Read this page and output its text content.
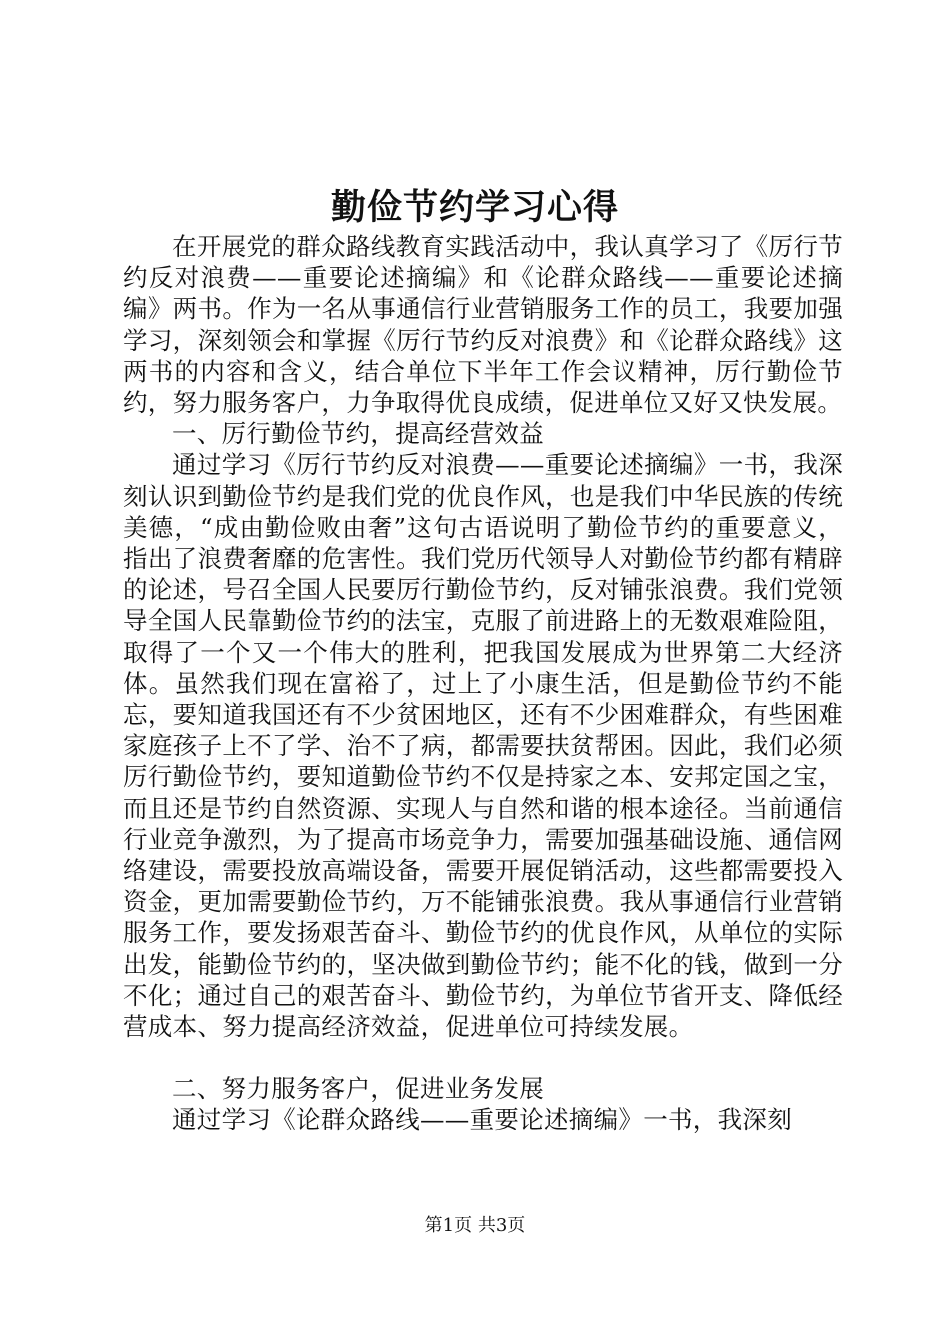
勤俭节约学习心得

在开展党的群众路线教育实践活动中，我认真学习了《厉行节约反对浪费——重要论述摘编》和《论群众路线——重要论述摘编》两书。作为一名从事通信行业营销服务工作的员工，我要加强学习，深刻领会和掌握《厉行节约反对浪费》和《论群众路线》这两书的内容和含义，结合单位下半年工作会议精神，厉行勤俭节约，努力服务客户，力争取得优良成绩，促进单位又好又快发展。

一、厉行勤俭节约，提高经营效益

通过学习《厉行节约反对浪费——重要论述摘编》一书，我深刻认识到勤俭节约是我们党的优良作风，也是我们中华民族的传统美德，“成由勤俭败由奢”这句古语说明了勤俭节约的重要意义，指出了浪费奢靡的危害性。我们党历代领导人对勤俭节约都有精辟的论述，号召全国人民要厉行勤俭节约，反对铺张浪费。我们党领导全国人民靠勤俭节约的法宝，克服了前进路上的无数艰难险阻，取得了一个又一个伟大的胜利，把我国发展成为世界第二大经济体。虽然我们现在富裕了，过上了小康生活，但是勤俭节约不能忘，要知道我国还有不少贫困地区，还有不少困难群众，有些困难家庭孩子上不了学、治不了病，都需要扶贫帮困。因此，我们必须厉行勤俭节约，要知道勤俭节约不仅是持家之本、安邦定国之宝，而且还是节约自然资源、实现人与自然和谐的根本途径。当前通信行业竞争激烈，为了提高市场竞争力，需要加强基础设施、通信网络建设，需要投放高端设备，需要开展促销活动，这些都需要投入资金，更加需要勤俭节约，万不能铺张浪费。我从事通信行业营销服务工作，要发扬艰苦奋斗、勤俭节约的优良作风，从单位的实际出发，能勤俭节约的，坚决做到勤俭节约；能不化的钱，做到一分不化；通过自己的艰苦奋斗、勤俭节约，为单位节省开支、降低经营成本、努力提高经济效益，促进单位可持续发展。

二、努力服务客户，促进业务发展

通过学习《论群众路线——重要论述摘编》一书，我深刻

第1页 共3页
